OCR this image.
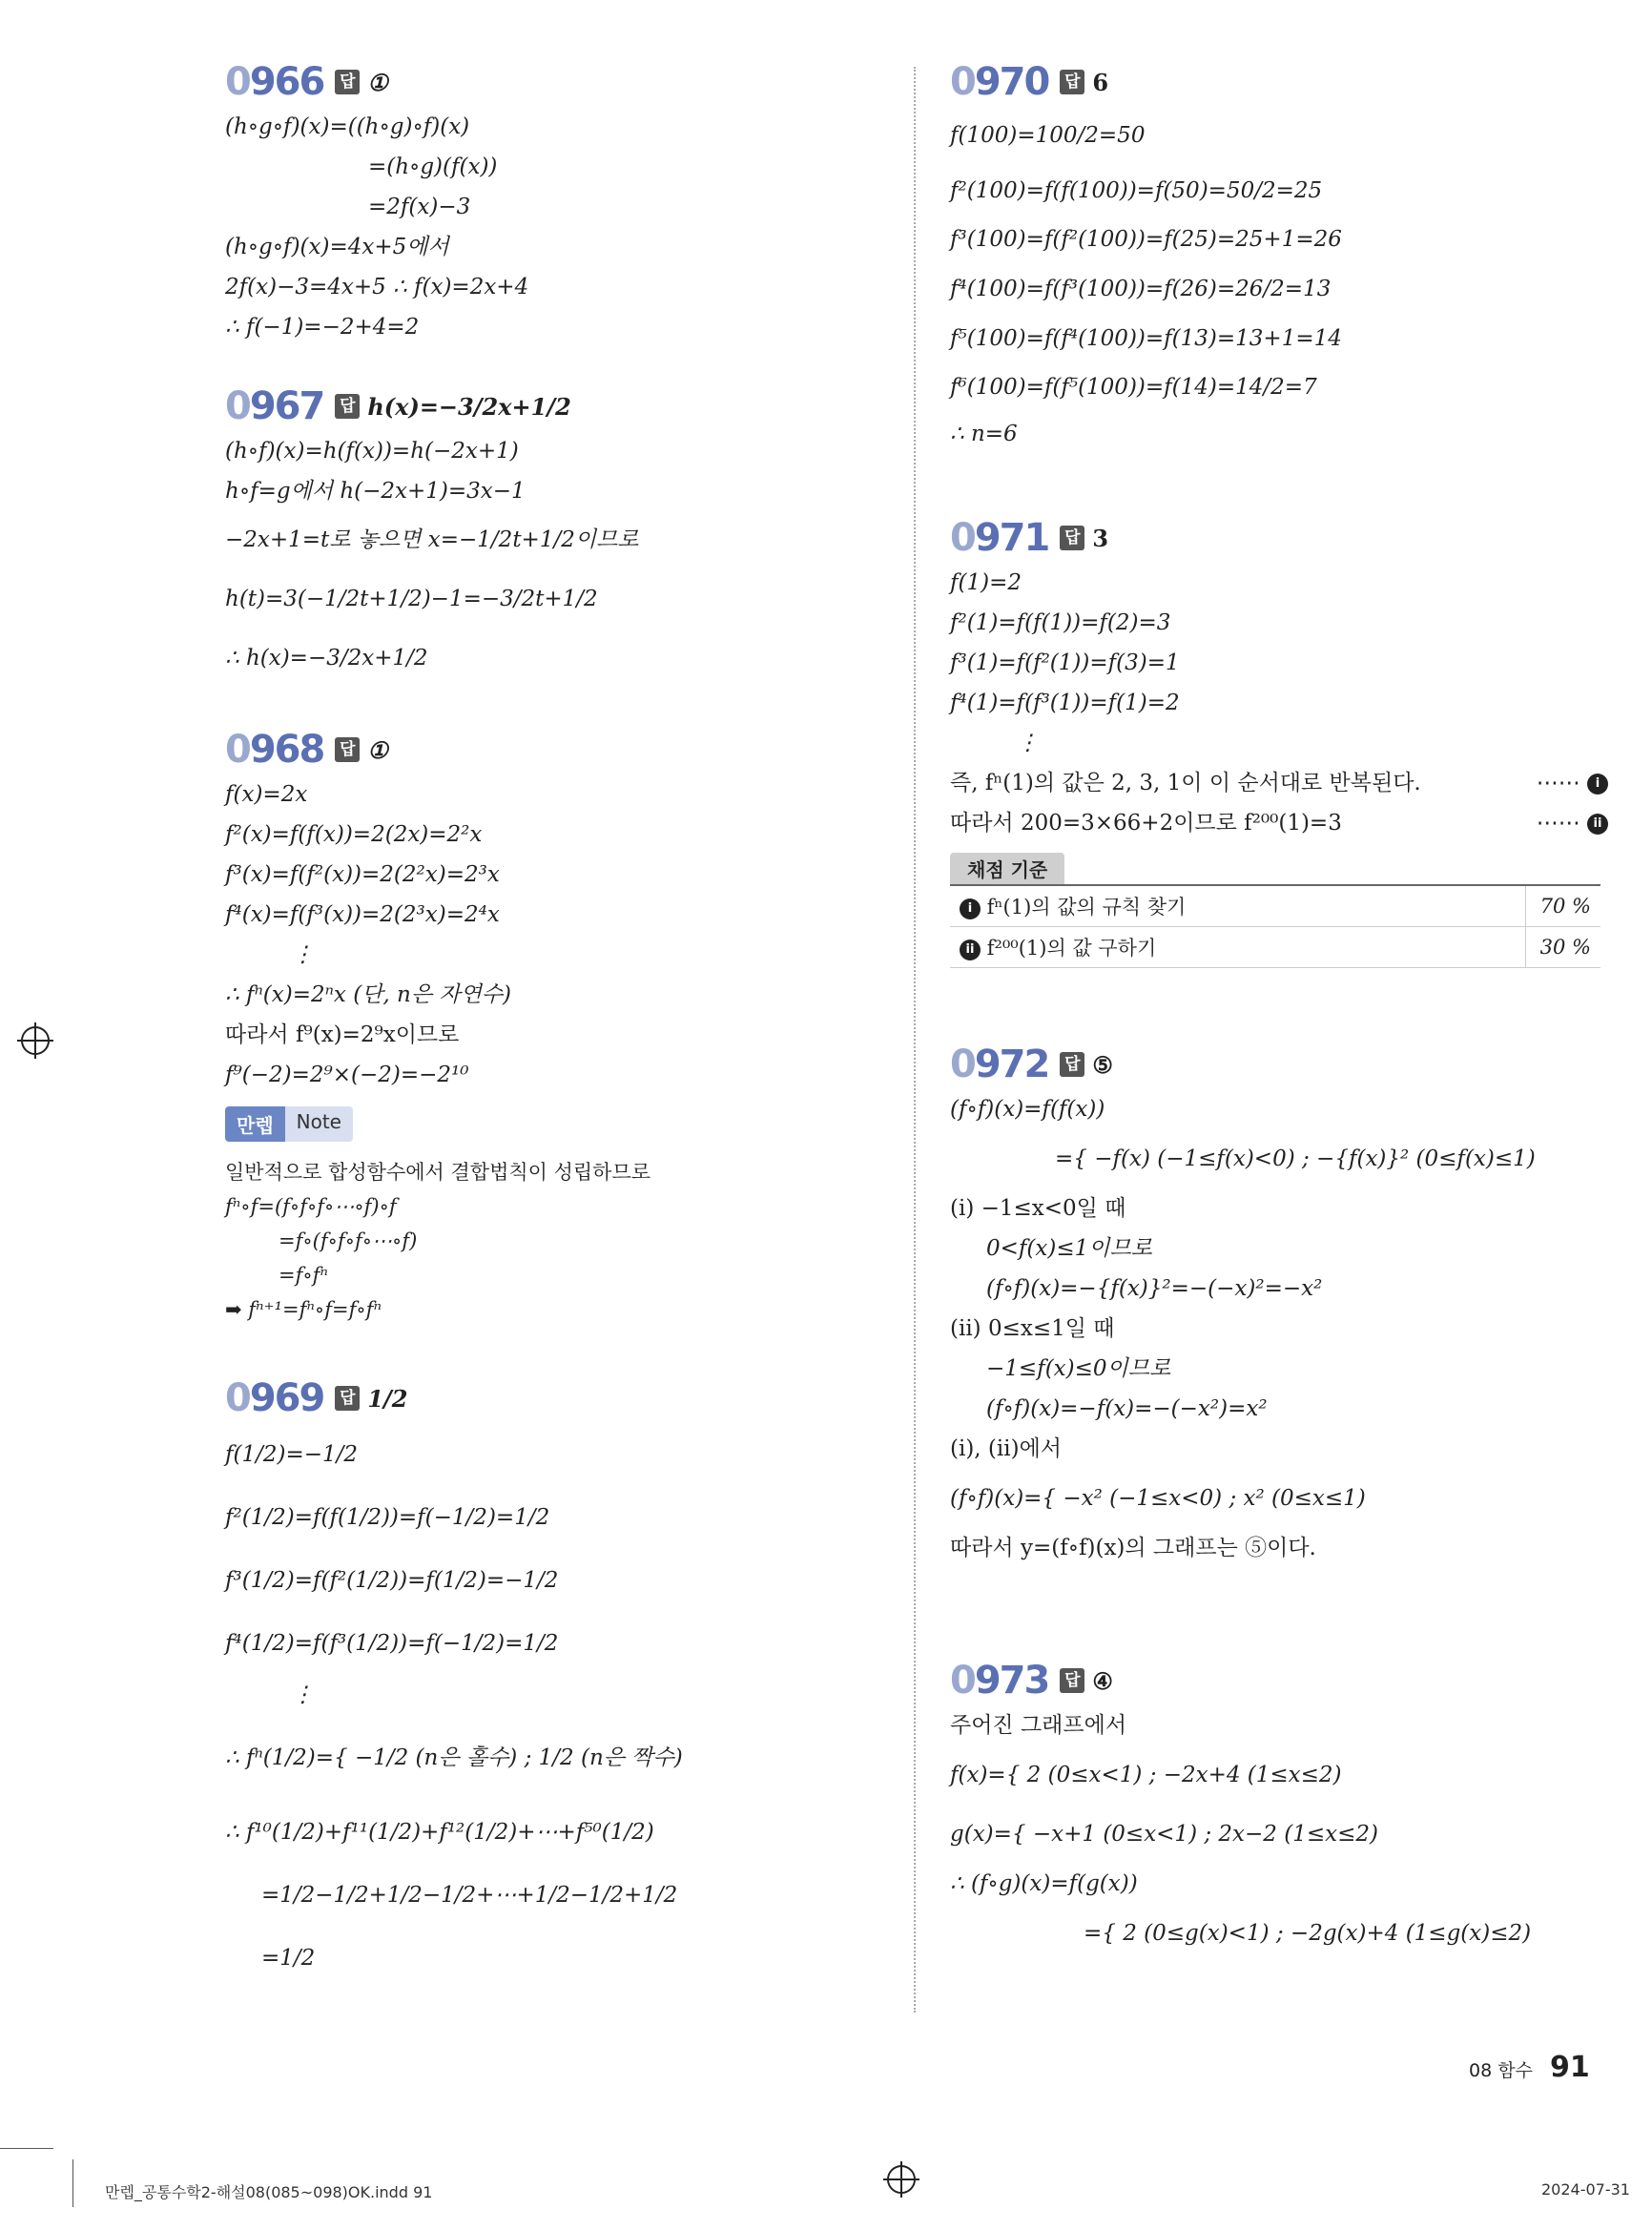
0966 답 ①
(h∘g∘f)(x)=((h∘g)∘f)(x)
=(h∘g)(f(x))
=2f(x)−3
(h∘g∘f)(x)=4x+5에서
2f(x)−3=4x+5 ∴ f(x)=2x+4
∴ f(−1)=−2+4=2
0967 답 h(x)=−3/2x+1/2
(h∘f)(x)=h(f(x))=h(−2x+1)
h∘f=g에서 h(−2x+1)=3x−1
−2x+1=t로 놓으면 x=−1/2t+1/2이므로
h(t)=3(−1/2t+1/2)−1=−3/2t+1/2
∴ h(x)=−3/2x+1/2
0968 답 ①
f(x)=2x
f²(x)=f(f(x))=2(2x)=2²x
f³(x)=f(f²(x))=2(2²x)=2³x
f⁴(x)=f(f³(x))=2(2³x)=2⁴x
⋮
∴ fⁿ(x)=2ⁿx (단, n은 자연수)
따라서 f⁹(x)=2⁹x이므로
f⁹(−2)=2⁹×(−2)=−2¹⁰
만렙	Note
일반적으로 합성함수에서 결합법칙이 성립하므로
fⁿ∘f=(f∘f∘f∘⋯∘f)∘f
=f∘(f∘f∘f∘⋯∘f)
=f∘fⁿ
➡ fⁿ⁺¹=fⁿ∘f=f∘fⁿ
0969 답 1/2
f(1/2)=−1/2
f²(1/2)=f(f(1/2))=f(−1/2)=1/2
f³(1/2)=f(f²(1/2))=f(1/2)=−1/2
f⁴(1/2)=f(f³(1/2))=f(−1/2)=1/2
⋮
∴ fⁿ(1/2)={ −1/2 (n은 홀수) ; 1/2 (n은 짝수)
∴ f¹⁰(1/2)+f¹¹(1/2)+f¹²(1/2)+⋯+f⁵⁰(1/2)
=1/2−1/2+1/2−1/2+⋯+1/2−1/2+1/2
=1/2
0970 답 6
f(100)=100/2=50
f²(100)=f(f(100))=f(50)=50/2=25
f³(100)=f(f²(100))=f(25)=25+1=26
f⁴(100)=f(f³(100))=f(26)=26/2=13
f⁵(100)=f(f⁴(100))=f(13)=13+1=14
f⁶(100)=f(f⁵(100))=f(14)=14/2=7
∴ n=6
0971 답 3
f(1)=2
f²(1)=f(f(1))=f(2)=3
f³(1)=f(f²(1))=f(3)=1
f⁴(1)=f(f³(1))=f(1)=2
⋮
즉, fⁿ(1)의 값은 2, 3, 1이 이 순서대로 반복된다.	⋯⋯ i
따라서 200=3×66+2이므로 f²⁰⁰(1)=3	⋯⋯ ii
채점 기준
i fⁿ(1)의 값의 규칙 찾기	70 %
ii f²⁰⁰(1)의 값 구하기	30 %
0972 답 ⑤
(f∘f)(x)=f(f(x))
={ −f(x) (−1≤f(x)<0) ; −{f(x)}² (0≤f(x)≤1)
(ⅰ) −1≤x<0일 때
0<f(x)≤1이므로
(f∘f)(x)=−{f(x)}²=−(−x)²=−x²
(ⅱ) 0≤x≤1일 때
−1≤f(x)≤0이므로
(f∘f)(x)=−f(x)=−(−x²)=x²
(ⅰ), (ⅱ)에서
(f∘f)(x)={ −x² (−1≤x<0) ; x² (0≤x≤1)
따라서 y=(f∘f)(x)의 그래프는 ⑤이다.
0973 답 ④
주어진 그래프에서
f(x)={ 2 (0≤x<1) ; −2x+4 (1≤x≤2)
g(x)={ −x+1 (0≤x<1) ; 2x−2 (1≤x≤2)
∴ (f∘g)(x)=f(g(x))
={ 2 (0≤g(x)<1) ; −2g(x)+4 (1≤g(x)≤2)
08 함수 91
만렙_공통수학2-해설08(085~098)OK.indd 91	2024-07-31
